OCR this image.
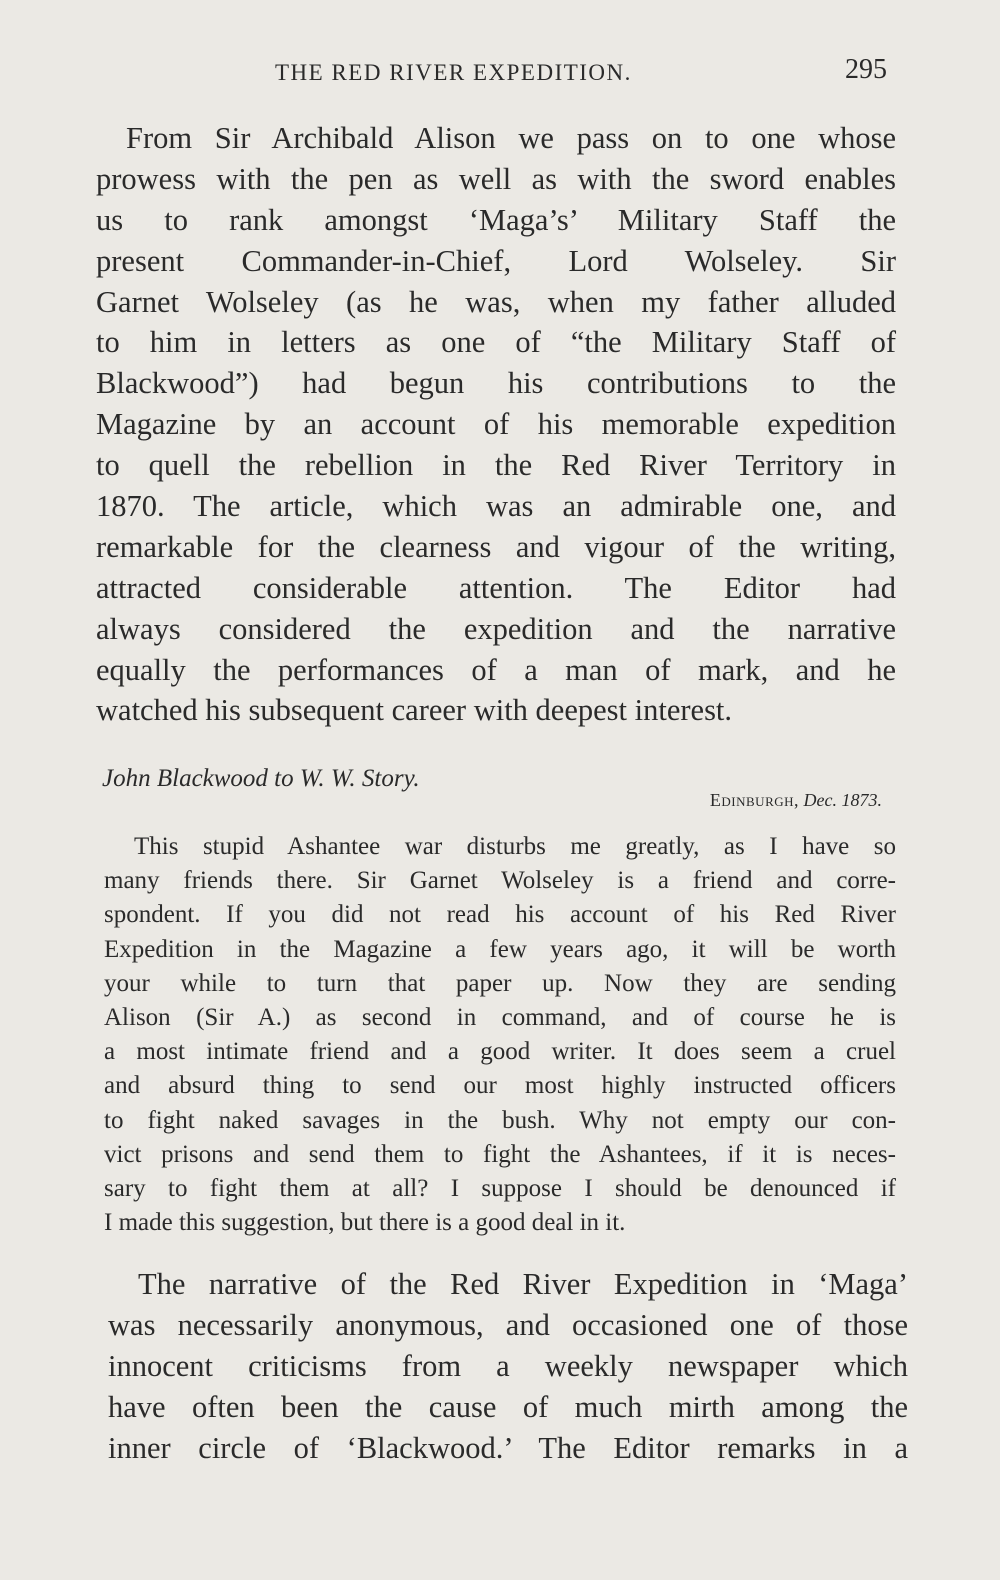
THE RED RIVER EXPEDITION.	295
From Sir Archibald Alison we pass on to one whose
prowess with the pen as well as with the sword enables
us to rank amongst ‘Maga’s’ Military Staff the
present Commander-in-Chief, Lord Wolseley. Sir
Garnet Wolseley (as he was, when my father alluded
to him in letters as one of “the Military Staff of
Blackwood”) had begun his contributions to the
Magazine by an account of his memorable expedition
to quell the rebellion in the Red River Territory in
1870. The article, which was an admirable one, and
remarkable for the clearness and vigour of the writing,
attracted considerable attention. The Editor had
always considered the expedition and the narrative
equally the performances of a man of mark, and he
watched his subsequent career with deepest interest.
John Blackwood to W. W. Story.
Edinburgh, Dec. 1873.
This stupid Ashantee war disturbs me greatly, as I have so
many friends there. Sir Garnet Wolseley is a friend and corre-
spondent. If you did not read his account of his Red River
Expedition in the Magazine a few years ago, it will be worth
your while to turn that paper up. Now they are sending
Alison (Sir A.) as second in command, and of course he is
a most intimate friend and a good writer. It does seem a cruel
and absurd thing to send our most highly instructed officers
to fight naked savages in the bush. Why not empty our con-
vict prisons and send them to fight the Ashantees, if it is neces-
sary to fight them at all? I suppose I should be denounced if
I made this suggestion, but there is a good deal in it.
The narrative of the Red River Expedition in ‘Maga’
was necessarily anonymous, and occasioned one of those
innocent criticisms from a weekly newspaper which
have often been the cause of much mirth among the
inner circle of ‘Blackwood.’ The Editor remarks in a
